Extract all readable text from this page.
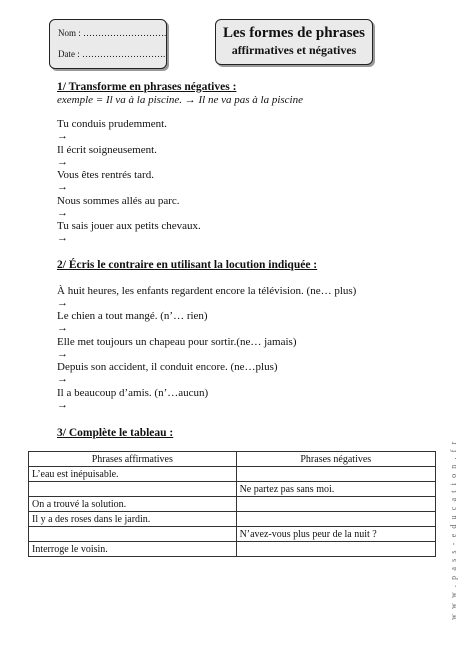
Nom : ……………………….
Date : ……………………….
Les formes de phrases
affirmatives et négatives
1/ Transforme en phrases négatives :
exemple = Il va à la piscine. → Il ne va pas à la piscine
Tu conduis prudemment.
→
Il écrit soigneusement.
→
Vous êtes rentrés tard.
→
Nous sommes allés au parc.
→
Tu sais jouer aux petits chevaux.
→
2/ Écris le contraire en utilisant la locution indiquée :
À huit heures, les enfants regardent encore la télévision. (ne… plus)
→
Le chien a tout mangé. (n’… rien)
→
Elle met toujours un chapeau pour sortir.(ne… jamais)
→
Depuis son accident, il conduit encore. (ne…plus)
→
Il a beaucoup d’amis. (n’…aucun)
→
3/ Complète le tableau :
Phrases affirmatives	Phrases négatives
L’eau est inépuisable.	
	Ne partez pas sans moi.
On a trouvé la solution.	
Il y a des roses dans le jardin.	
	N’avez-vous plus peur de la nuit ?
Interroge le voisin.		w w w . p a s s - e d u c a t i o n . f r
